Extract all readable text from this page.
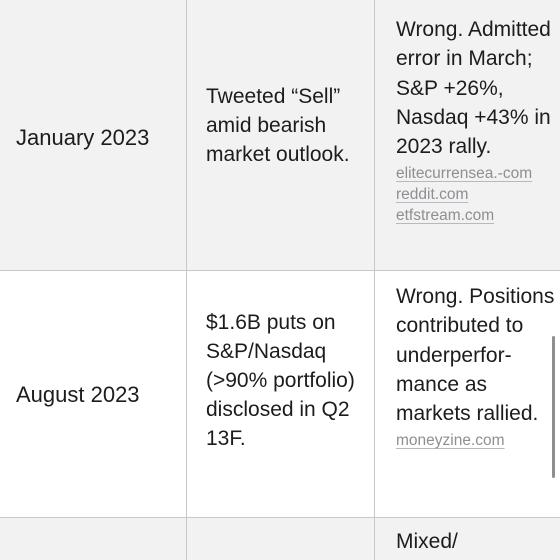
January 2023
Tweeted “Sell” amid bearish market outlook.

Wrong. Admitted error in March; S&P +26%, Nasdaq +43% in 2023 rally.

elitecurrensea.-com
reddit.com etfstream.com
August 2023
$1.6B puts on S&P/Nasdaq (>90% portfolio) disclosed in Q2 13F.

Wrong. Positions contributed to underperfor-mance as markets rallied.

moneyzine.com

Mixed/
